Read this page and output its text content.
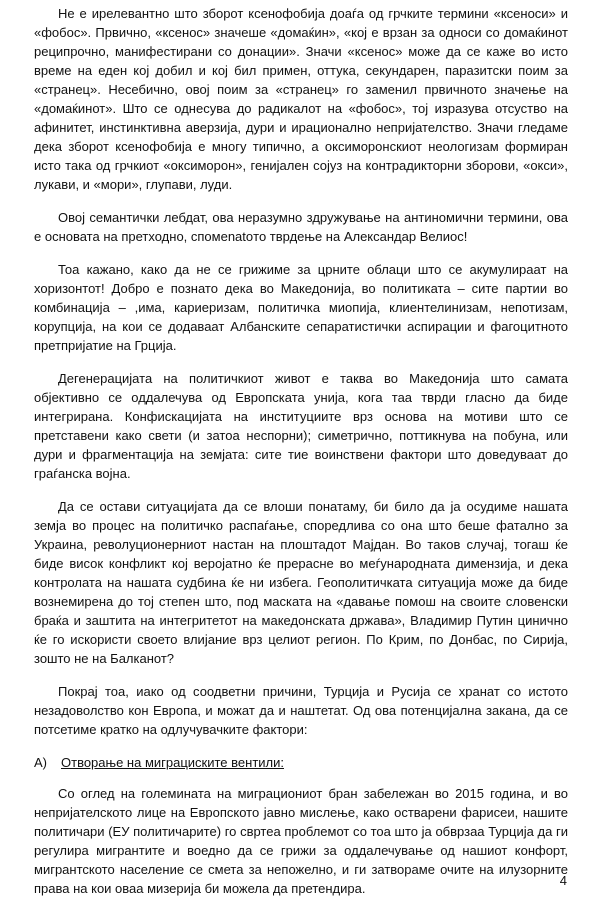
Не е ирелевантно што зборот ксенофобија доаѓа од грчките термини «ксеноси» и «фобос». Првично, «ксенос» значеше «домаќин», «кој е врзан за односи со домаќинот реципрочно, манифестирани со донации». Значи «ксенос» може да се каже во исто време на еден кој добил и кој бил примен, оттука, секундарен, паразитски поим за «странец». Несебично, овој поим за «странец» го заменил првичното значење на «домаќинот». Што се однесува до радикалот на «фобос», тој изразува отсуство на афинитет, инстинктивна аверзија, дури и ирационално непријателство. Значи гледаме дека зборот ксенофобија е многу типично, а оксиморонскиот неологизам формиран исто така од грчкиот «оксиморон», генијален сојуз на контрадикторни зборови, «окси», лукави, и «мори», глупави, луди.

Овој семантички лебдат, ова неразумно здружување на антиномични термини, ова е основата на претходно, спомenatoто тврдење на Александар Велиос!

Тоа кажано, како да не се грижиме за црните облаци што се акумулираат на хоризонтот! Добро е познато дека во Македонија, во политиката – сите партии во комбинација – ,има, кариеризам, политичка миопија, клиентелинизам, непотизам, корупција, на кои се додаваат Албанските сепаратистички аспирации и фагоцитното претпријатие на Грција.

Дегенерацијата на политичкиот живот е таква во Македонија што самата објективно се оддалечува од Европската унија, кога таа тврди гласно да биде интегрирана. Конфискацијата на институциите врз основа на мотиви што се претставени како свети (и затоа неспорни); симетрично, поттикнува на побуна, или дури и фрагментација на земјата: сите тие воинствени фактори што доведуваат до граѓанска војна.

Да се остави ситуацијата да се влоши понатаму, би било да ја осудиме нашата земја во процес на политичко распаѓање, споредлива со она што беше фатално за Украина, револуционерниот настан на плоштадот Мајдан. Во таков случај, тогаш ќе биде висок конфликт кој веројатно ќе прерасне во меѓународната димензија, и дека контролата на нашата судбина ќе ни избега. Геополитичката ситуација може да биде вознемирена до тој степен што, под маската на «давање помош на своите словенски браќа и заштита на интегритетот на македонската држава», Владимир Путин цинично ќе го искористи своето влијание врз целиот регион. По Крим, по Донбас, по Сирија, зошто не на Балканот?

Покрај тоа, иако од соодветни причини, Турција и Русија се хранат со истото незадоволство кон Европа, и можат да и наштетат. Од ова потенцијална закана, да се потсетиме кратко на одлучувачките фактори:

А)	Отворање на миграциските вентили:

Со оглед на големината на миграциониот бран забележан во 2015 година, и во непријателското лице на Европското јавно мислење, како остварени фарисеи, нашите политичари (ЕУ политичарите) го свртеа проблемот со тоа што ја обврзаа Турција да ги регулира мигрантите и воедно да се грижи за оддалечување од нашиот конфорт, мигрантското население се смета за непожелно, и ги затвораме очите на илузорните права на кои оваа мизерија би можела да претендира.

4
